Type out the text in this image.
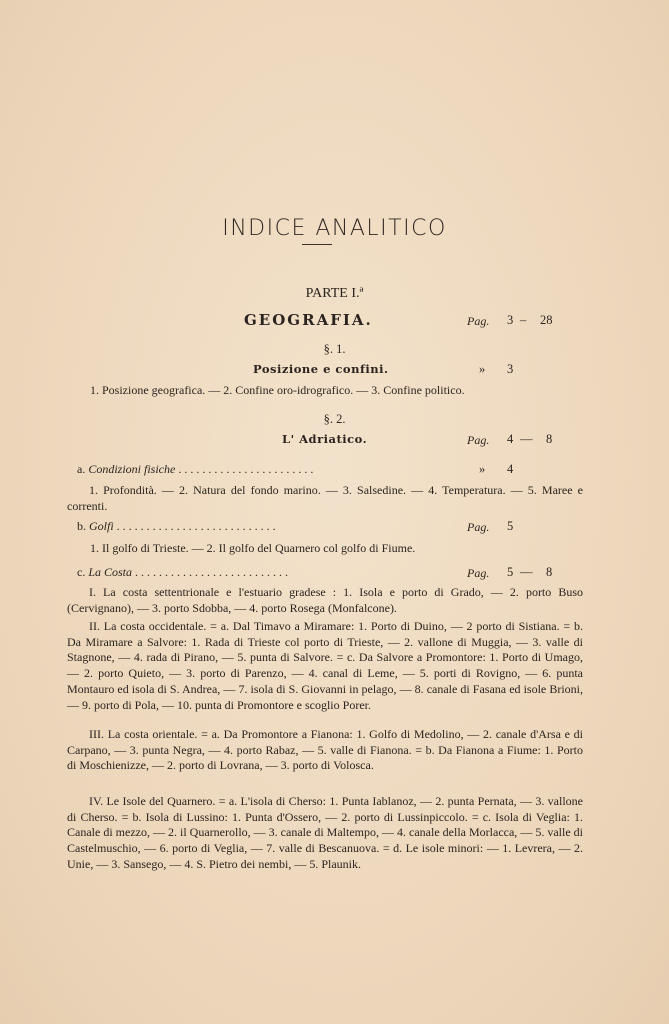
INDICE ANALITICO
PARTE I.ª
GEOGRAFIA.	Pag. 3 – 28
§. 1.
Posizione e confini.	» 3
1. Posizione geografica. — 2. Confine oro-idrografico. — 3. Confine politico.
§. 2.
L' Adriatico.	Pag. 4 — 8
a. Condizioni fisiche . . . . . . . . . . . . . . . . . . . . . . .	» 4
1. Profondità. — 2. Natura del fondo marino. — 3. Salsedine. — 4. Temperatura. — 5. Maree e correnti.
b. Golfi . . . . . . . . . . . . . . . . . . . . . . . . . . .	Pag. 5
1. Il golfo di Trieste. — 2. Il golfo del Quarnero col golfo di Fiume.
c. La Costa . . . . . . . . . . . . . . . . . . . . . . . . . .	Pag. 5 — 8
I. La costa settentrionale e l'estuario gradese : 1. Isola e porto di Grado, — 2. porto Buso (Cervignano), — 3. porto Sdobba, — 4. porto Rosega (Monfalcone).
II. La costa occidentale. = a. Dal Timavo a Miramare: 1. Porto di Duino, — 2 porto di Sistiana. = b. Da Miramare a Salvore: 1. Rada di Trieste col porto di Trieste, — 2. vallone di Muggia, — 3. valle di Stagnone, — 4. rada di Pirano, — 5. punta di Salvore. = c. Da Salvore a Promontore: 1. Porto di Umago, — 2. porto Quieto, — 3. porto di Parenzo, — 4. canal di Leme, — 5. porti di Rovigno, — 6. punta Montauro ed isola di S. Andrea, — 7. isola di S. Giovanni in pelago, — 8. canale di Fasana ed isole Brioni, — 9. porto di Pola, — 10. punta di Promontore e scoglio Porer.
III. La costa orientale. = a. Da Promontore a Fianona: 1. Golfo di Medolino, — 2. canale d'Arsa e di Carpano, — 3. punta Negra, — 4. porto Rabaz, — 5. valle di Fianona. = b. Da Fianona a Fiume: 1. Porto di Moschienizze, — 2. porto di Lovrana, — 3. porto di Volosca.
IV. Le Isole del Quarnero. = a. L'isola di Cherso: 1. Punta Iablanoz, — 2. punta Pernata, — 3. vallone di Cherso. = b. Isola di Lussino: 1. Punta d'Ossero, — 2. porto di Lussinpiccolo. = c. Isola di Veglia: 1. Canale di mezzo, — 2. il Quarnerollo, — 3. canale di Maltempo, — 4. canale della Morlacca, — 5. valle di Castelmuschio, — 6. porto di Veglia, — 7. valle di Bescanuova. = d. Le isole minori: — 1. Levrera, — 2. Unie, — 3. Sansego, — 4. S. Pietro dei nembi, — 5. Plaunik.
